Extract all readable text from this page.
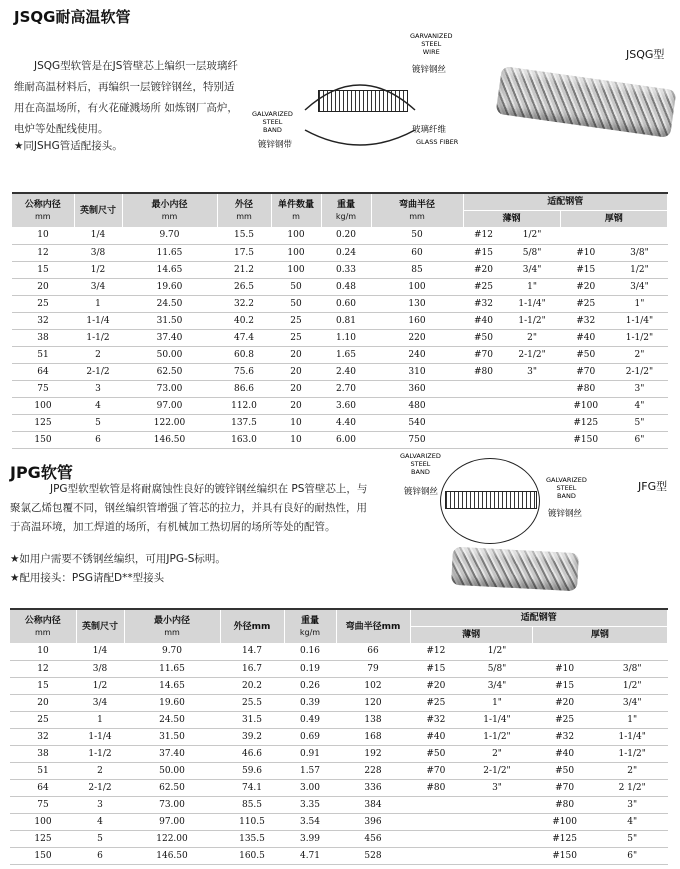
JSQG耐高温软管
JSQG型软管是在JS管壁芯上编织一层玻璃纤维耐高温材料后，再编织一层镀锌钢丝，特别适用在高温场所，有火花碰溅场所 如炼钢厂高炉，电炉等处配线使用。
★同JSHG管适配接头。
GARVANIZED
STEEL
WIRE
镀锌钢丝
GALVARIZED
STEEL
BAND
镀锌钢带
玻璃纤维
GLASS FIBER
JSQG型
公称内径
mm	英制尺寸	最小内径
mm	外径
mm	单件数量
m	重量
kg/m	弯曲半径
mm	适配钢管			
							薄钢		厚钢	
10	1/4	9.70	15.5	100	0.20	50	#12	1/2"		
12	3/8	11.65	17.5	100	0.24	60	#15	5/8"	#10	3/8"
15	1/2	14.65	21.2	100	0.33	85	#20	3/4"	#15	1/2"
20	3/4	19.60	26.5	50	0.48	100	#25	1"	#20	3/4"
25	1	24.50	32.2	50	0.60	130	#32	1-1/4"	#25	1"
32	1-1/4	31.50	40.2	25	0.81	160	#40	1-1/2"	#32	1-1/4"
38	1-1/2	37.40	47.4	25	1.10	220	#50	2"	#40	1-1/2"
51	2	50.00	60.8	20	1.65	240	#70	2-1/2"	#50	2"
64	2-1/2	62.50	75.6	20	2.40	310	#80	3"	#70	2-1/2"
75	3	73.00	86.6	20	2.70	360			#80	3"
100	4	97.00	112.0	20	3.60	480			#100	4"
125	5	122.00	137.5	10	4.40	540			#125	5"
150	6	146.50	163.0	10	6.00	750			#150	6"
JPG软管
JPG型软型软管是将耐腐蚀性良好的镀锌钢丝编织在 PS管壁芯上，与聚氯乙烯包覆不同，钢丝编织管增强了管芯的拉力，并具有良好的耐热性，用于高温环境，加工焊道的场所，有机械加工热切屑的场所等处的配管。
★如用户需要不锈钢丝编织，可用JPG-S标明。
★配用接头：PSG请配D**型接头
GALVARIZED
STEEL
BAND
镀锌钢丝
GALVARIZED
STEEL
BAND
镀锌钢丝
JFG型
公称内径
mm	英制尺寸	最小内径
mm	外径mm	重量
kg/m	弯曲半径mm	适配钢管			
						薄钢		厚钢	
10	1/4	9.70	14.7	0.16	66	#12	1/2"		
12	3/8	11.65	16.7	0.19	79	#15	5/8"	#10	3/8"
15	1/2	14.65	20.2	0.26	102	#20	3/4"	#15	1/2"
20	3/4	19.60	25.5	0.39	120	#25	1"	#20	3/4"
25	1	24.50	31.5	0.49	138	#32	1-1/4"	#25	1"
32	1-1/4	31.50	39.2	0.69	168	#40	1-1/2"	#32	1-1/4"
38	1-1/2	37.40	46.6	0.91	192	#50	2"	#40	1-1/2"
51	2	50.00	59.6	1.57	228	#70	2-1/2"	#50	2"
64	2-1/2	62.50	74.1	3.00	336	#80	3"	#70	2 1/2"
75	3	73.00	85.5	3.35	384			#80	3"
100	4	97.00	110.5	3.54	396			#100	4"
125	5	122.00	135.5	3.99	456			#125	5"
150	6	146.50	160.5	4.71	528			#150	6"
